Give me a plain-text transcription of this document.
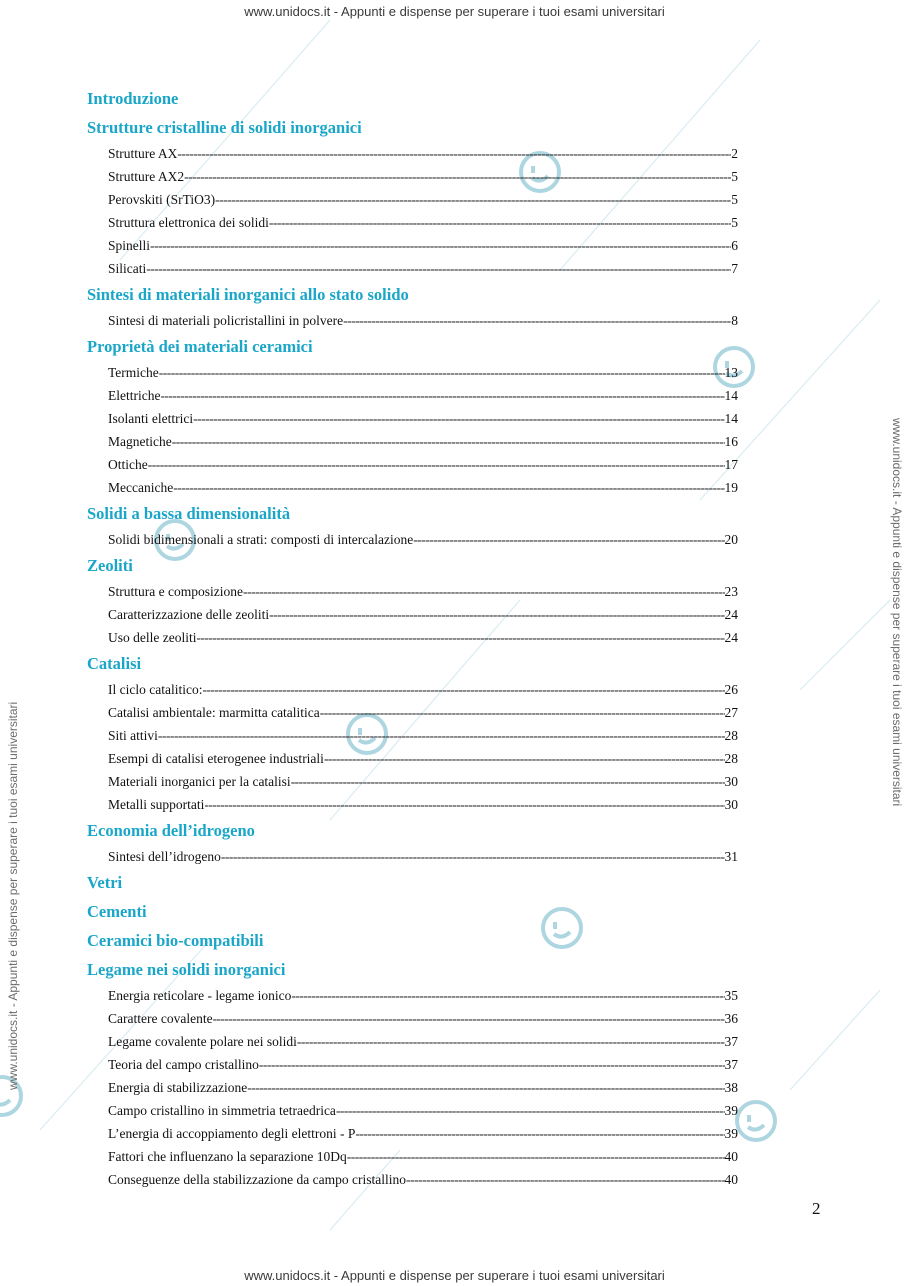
www.unidocs.it - Appunti e dispense per superare i tuoi esami universitari
www.unidocs.it - Appunti e dispense per superare i tuoi esami universitari
www.unidocs.it - Appunti e dispense per superare i tuoi esami universitari
www.unidocs.it - Appunti e dispense per superare i tuoi esami universitari
Introduzione
Strutture cristalline di solidi inorganici
Strutture AX -----	2
Strutture AX2 -----	5
Perovskiti (SrTiO3) -----	5
Struttura elettronica dei solidi -----	5
Spinelli -----	6
Silicati -----	7
Sintesi di materiali inorganici allo stato solido
Sintesi di materiali policristallini in polvere -----	8
Proprietà dei materiali ceramici
Termiche -----	13
Elettriche -----	14
Isolanti elettrici -----	14
Magnetiche -----	16
Ottiche -----	17
Meccaniche -----	19
Solidi a bassa dimensionalità
Solidi bidimensionali a strati: composti di intercalazione -----	20
Zeoliti
Struttura e composizione -----	23
Caratterizzazione delle zeoliti -----	24
Uso delle zeoliti -----	24
Catalisi
Il ciclo catalitico: -----	26
Catalisi ambientale: marmitta catalitica -----	27
Siti attivi -----	28
Esempi di catalisi eterogenee industriali -----	28
Materiali inorganici per la catalisi -----	30
Metalli supportati -----	30
Economia dell’idrogeno
Sintesi dell’idrogeno -----	31
Vetri
Cementi
Ceramici bio-compatibili
Legame nei solidi inorganici
Energia reticolare - legame ionico -----	35
Carattere covalente -----	36
Legame covalente polare nei solidi -----	37
Teoria del campo cristallino -----	37
Energia di stabilizzazione -----	38
Campo cristallino in simmetria tetraedrica -----	39
L’energia di accoppiamento degli elettroni - P -----	39
Fattori che influenzano la separazione 10Dq -----	40
Conseguenze della stabilizzazione da campo cristallino -----	40
2
